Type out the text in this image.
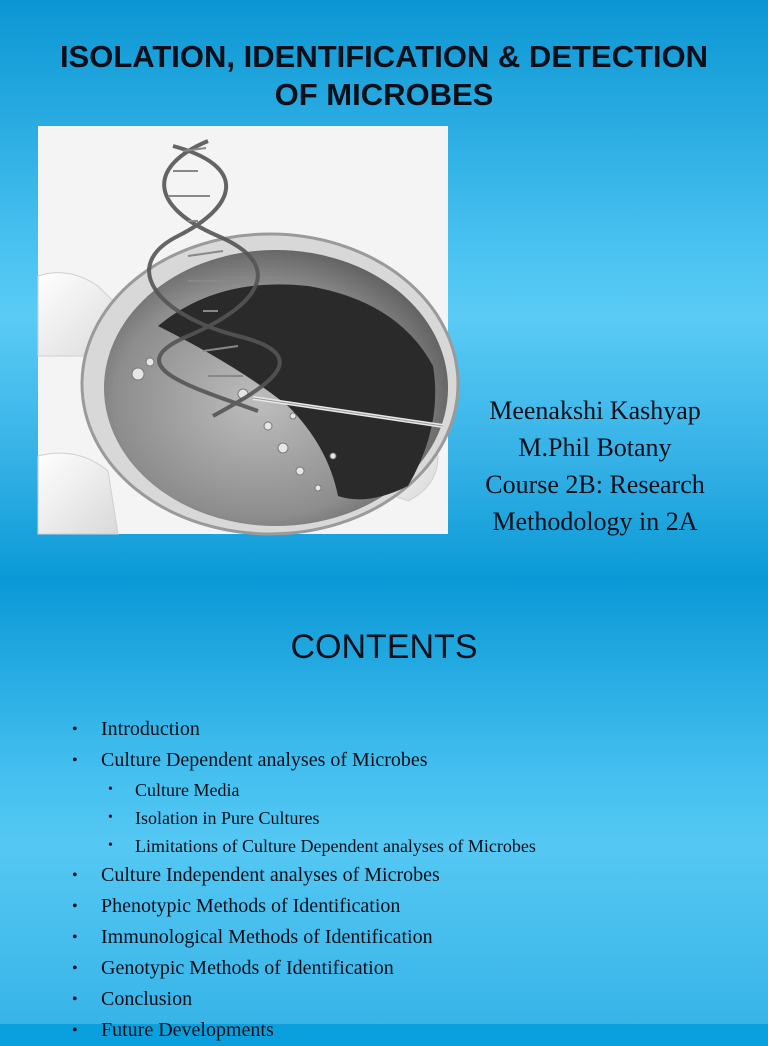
ISOLATION, IDENTIFICATION & DETECTION
OF MICROBES
Meenakshi Kashyap
M.Phil Botany
Course 2B: Research
Methodology in 2A
CONTENTS
• Introduction
• Culture Dependent analyses of Microbes
• Culture Media
• Isolation in Pure Cultures
• Limitations of Culture Dependent analyses of Microbes
• Culture Independent analyses of Microbes
• Phenotypic Methods of Identification
• Immunological Methods of Identification
• Genotypic Methods of Identification
• Conclusion
• Future Developments
